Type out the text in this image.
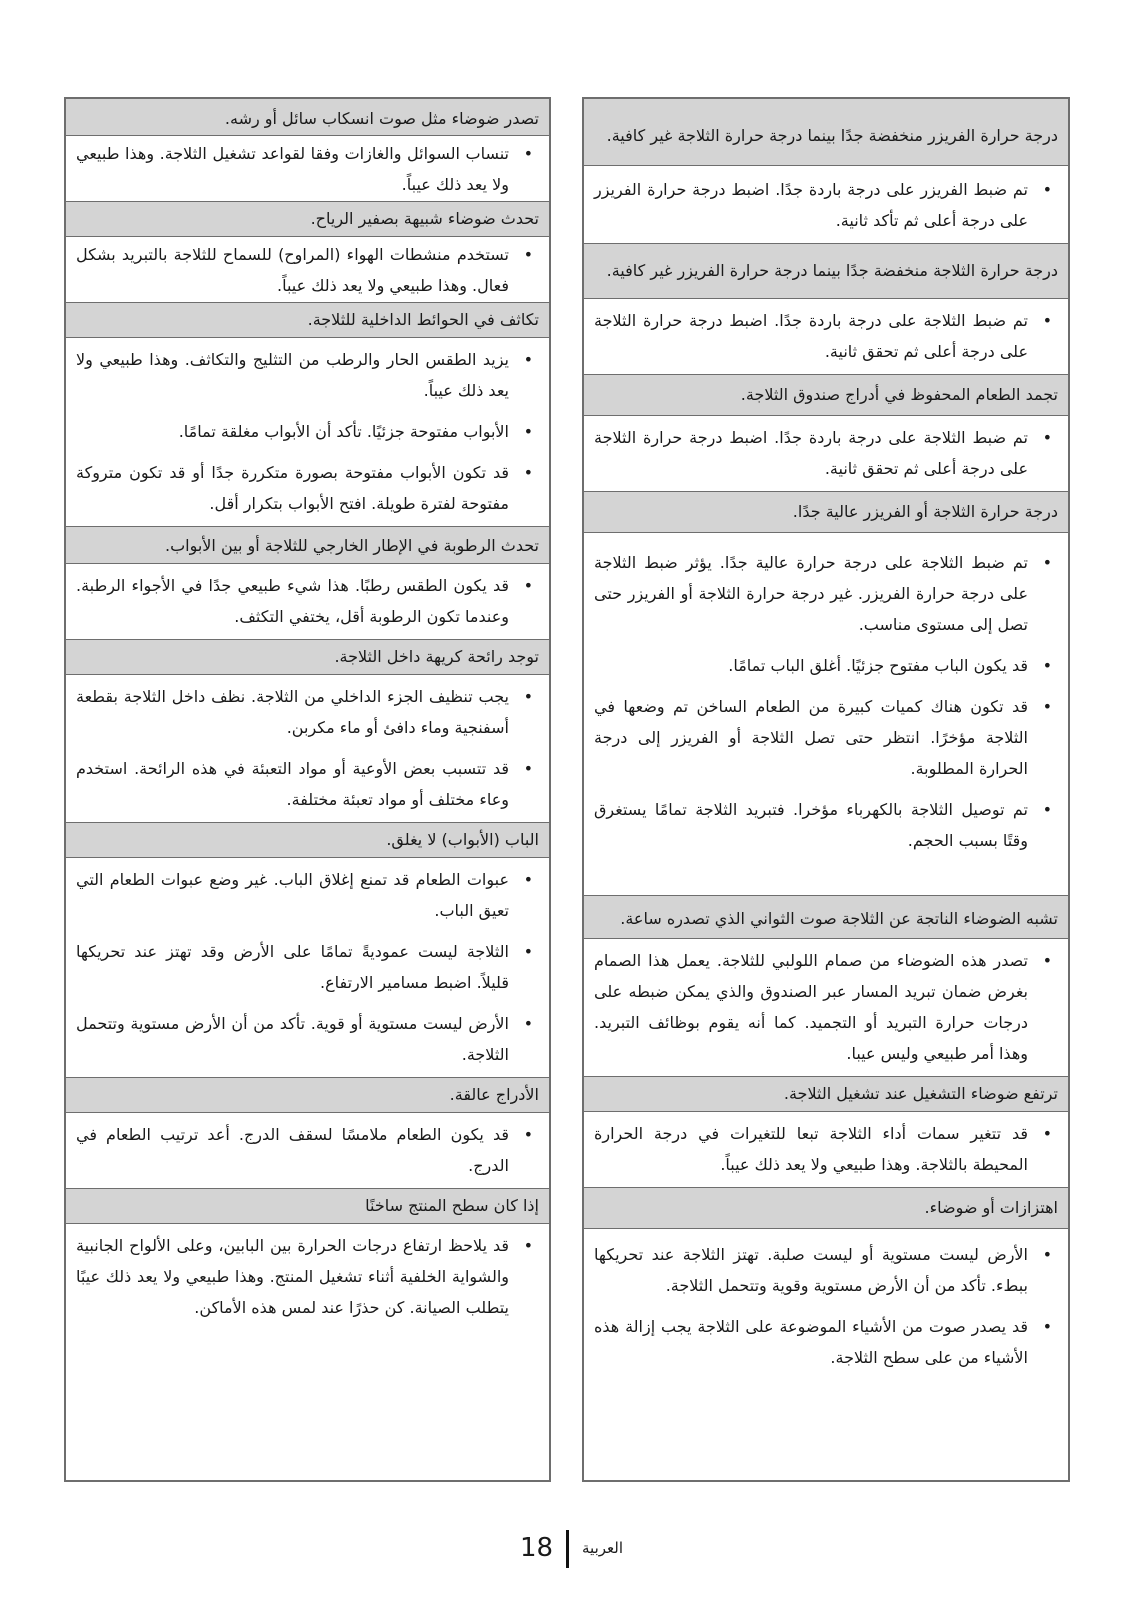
درجة حرارة الفريزر منخفضة جدًا بينما درجة حرارة الثلاجة غير كافية.
• تم ضبط الفريزر على درجة باردة جدًا. اضبط درجة حرارة الفريزر على درجة أعلى ثم تأكد ثانية.
درجة حرارة الثلاجة منخفضة جدًا بينما درجة حرارة الفريزر غير كافية.
• تم ضبط الثلاجة على درجة باردة جدًا. اضبط درجة حرارة الثلاجة على درجة أعلى ثم تحقق ثانية.
تجمد الطعام المحفوظ في أدراج صندوق الثلاجة.
• تم ضبط الثلاجة على درجة باردة جدًا. اضبط درجة حرارة الثلاجة على درجة أعلى ثم تحقق ثانية.
درجة حرارة الثلاجة أو الفريزر عالية جدًا.
• تم ضبط الثلاجة على درجة حرارة عالية جدًا. يؤثر ضبط الثلاجة على درجة حرارة الفريزر. غير درجة حرارة الثلاجة أو الفريزر حتى تصل إلى مستوى مناسب.
• قد يكون الباب مفتوح جزئيًا. أغلق الباب تمامًا.
• قد تكون هناك كميات كبيرة من الطعام الساخن تم وضعها في الثلاجة مؤخرًا. انتظر حتى تصل الثلاجة أو الفريزر إلى درجة الحرارة المطلوبة.
• تم توصيل الثلاجة بالكهرباء مؤخرا. فتبريد الثلاجة تمامًا يستغرق وقتًا بسبب الحجم.
تشبه الضوضاء الناتجة عن الثلاجة صوت الثواني الذي تصدره ساعة.
• تصدر هذه الضوضاء من صمام اللولبي للثلاجة. يعمل هذا الصمام بغرض ضمان تبريد المسار عبر الصندوق والذي يمكن ضبطه على درجات حرارة التبريد أو التجميد. كما أنه يقوم بوظائف التبريد. وهذا أمر طبيعي وليس عيبا.
ترتفع ضوضاء التشغيل عند تشغيل الثلاجة.
• قد تتغير سمات أداء الثلاجة تبعا للتغيرات في درجة الحرارة المحيطة بالثلاجة. وهذا طبيعي ولا يعد ذلك عيباً.
اهتزازات أو ضوضاء.
• الأرض ليست مستوية أو ليست صلبة. تهتز الثلاجة عند تحريكها ببطء. تأكد من أن الأرض مستوية وقوية وتتحمل الثلاجة.
• قد يصدر صوت من الأشياء الموضوعة على الثلاجة يجب إزالة هذه الأشياء من على سطح الثلاجة.
تصدر ضوضاء مثل صوت انسكاب سائل أو رشه.
• تنساب السوائل والغازات وفقا لقواعد تشغيل الثلاجة. وهذا طبيعي ولا يعد ذلك عيباً.
تحدث ضوضاء شبيهة بصفير الرياح.
• تستخدم منشطات الهواء (المراوح) للسماح للثلاجة بالتبريد بشكل فعال. وهذا طبيعي ولا يعد ذلك عيباً.
تكاثف في الحوائط الداخلية للثلاجة.
• يزيد الطقس الحار والرطب من التثليج والتكاثف. وهذا طبيعي ولا يعد ذلك عيباً.
• الأبواب مفتوحة جزئيًا. تأكد أن الأبواب مغلقة تمامًا.
• قد تكون الأبواب مفتوحة بصورة متكررة جدًا أو قد تكون متروكة مفتوحة لفترة طويلة. افتح الأبواب بتكرار أقل.
تحدث الرطوبة في الإطار الخارجي للثلاجة أو بين الأبواب.
• قد يكون الطقس رطبًا. هذا شيء طبيعي جدًا في الأجواء الرطبة. وعندما تكون الرطوبة أقل، يختفي التكثف.
توجد رائحة كريهة داخل الثلاجة.
• يجب تنظيف الجزء الداخلي من الثلاجة. نظف داخل الثلاجة بقطعة أسفنجية وماء دافئ أو ماء مكربن.
• قد تتسبب بعض الأوعية أو مواد التعبئة في هذه الرائحة. استخدم وعاء مختلف أو مواد تعبئة مختلفة.
الباب (الأبواب) لا يغلق.
• عبوات الطعام قد تمنع إغلاق الباب. غير وضع عبوات الطعام التي تعيق الباب.
• الثلاجة ليست عموديةً تمامًا على الأرض وقد تهتز عند تحريكها قليلاً. اضبط مسامير الارتفاع.
• الأرض ليست مستوية أو قوية. تأكد من أن الأرض مستوية وتتحمل الثلاجة.
الأدراج عالقة.
• قد يكون الطعام ملامسًا لسقف الدرج. أعد ترتيب الطعام في الدرج.
إذا كان سطح المنتج ساخنًا
• قد يلاحظ ارتفاع درجات الحرارة بين البابين، وعلى الألواح الجانبية والشواية الخلفية أثناء تشغيل المنتج. وهذا طبيعي ولا يعد ذلك عيبًا يتطلب الصيانة. كن حذرًا عند لمس هذه الأماكن.
18 العربية
